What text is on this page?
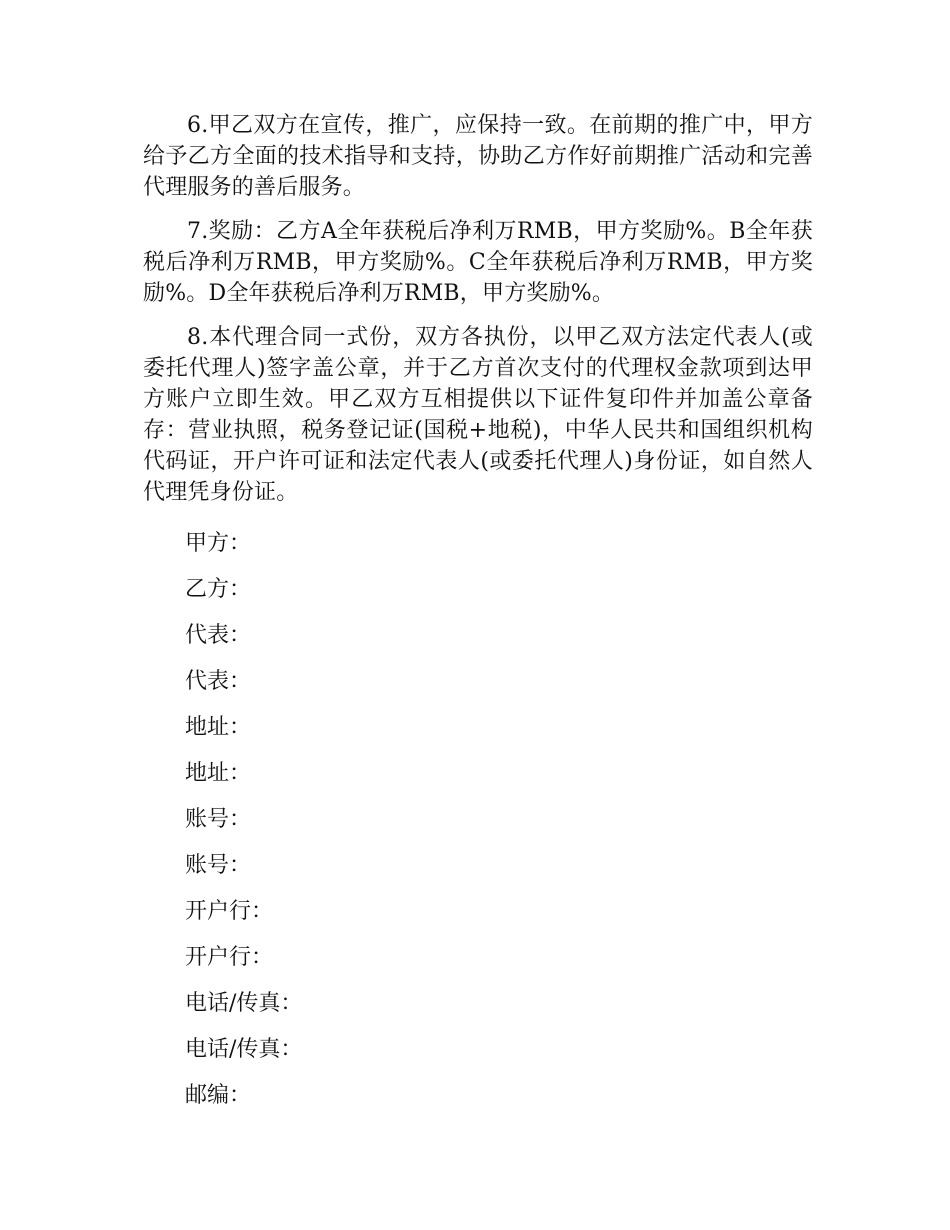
6.甲乙双方在宣传，推广，应保持一致。在前期的推广中，甲方给予乙方全面的技术指导和支持，协助乙方作好前期推广活动和完善代理服务的善后服务。

7.奖励：乙方A全年获税后净利万RMB，甲方奖励%。B全年获税后净利万RMB，甲方奖励%。C全年获税后净利万RMB，甲方奖励%。D全年获税后净利万RMB，甲方奖励%。

8.本代理合同一式份，双方各执份，以甲乙双方法定代表人(或委托代理人)签字盖公章，并于乙方首次支付的代理权金款项到达甲方账户立即生效。甲乙双方互相提供以下证件复印件并加盖公章备存：营业执照，税务登记证(国税+地税)，中华人民共和国组织机构代码证，开户许可证和法定代表人(或委托代理人)身份证，如自然人代理凭身份证。

甲方：
乙方：
代表：
代表：
地址：
地址：
账号：
账号：
开户行：
开户行：
电话/传真：
电话/传真：
邮编：
